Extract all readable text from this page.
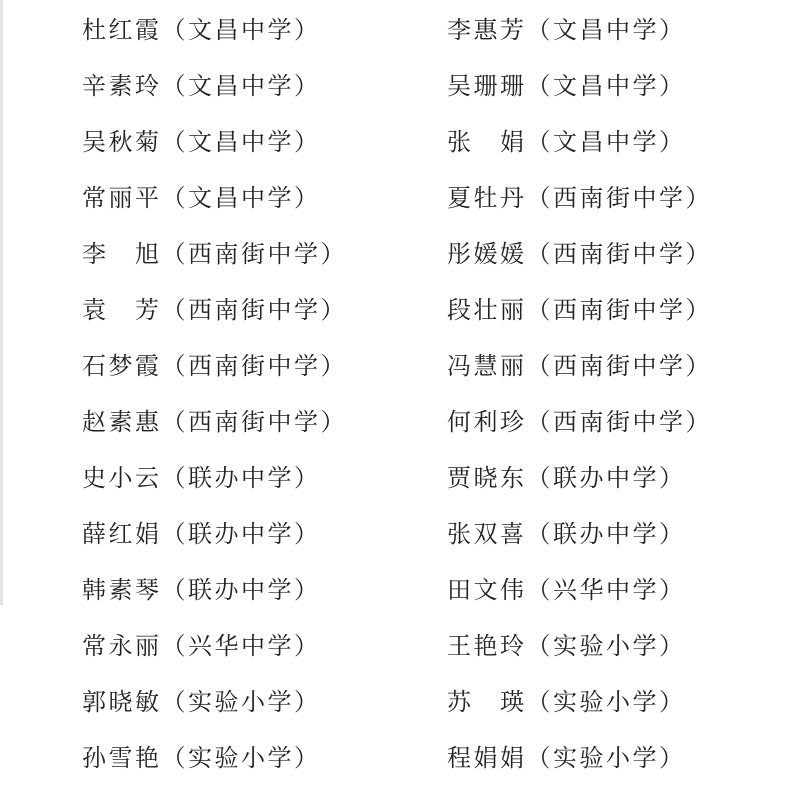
杜红霞（文昌中学）
辛素玲（文昌中学）
吴秋菊（文昌中学）
常丽平（文昌中学）
李　旭（西南街中学）
袁　芳（西南街中学）
石梦霞（西南街中学）
赵素惠（西南街中学）
史小云（联办中学）
薛红娟（联办中学）
韩素琴（联办中学）
常永丽（兴华中学）
郭晓敏（实验小学）
孙雪艳（实验小学）
李惠芳（文昌中学）
吴珊珊（文昌中学）
张　娟（文昌中学）
夏牡丹（西南街中学）
彤媛媛（西南街中学）
段壮丽（西南街中学）
冯慧丽（西南街中学）
何利珍（西南街中学）
贾晓东（联办中学）
张双喜（联办中学）
田文伟（兴华中学）
王艳玲（实验小学）
苏　瑛（实验小学）
程娟娟（实验小学）
